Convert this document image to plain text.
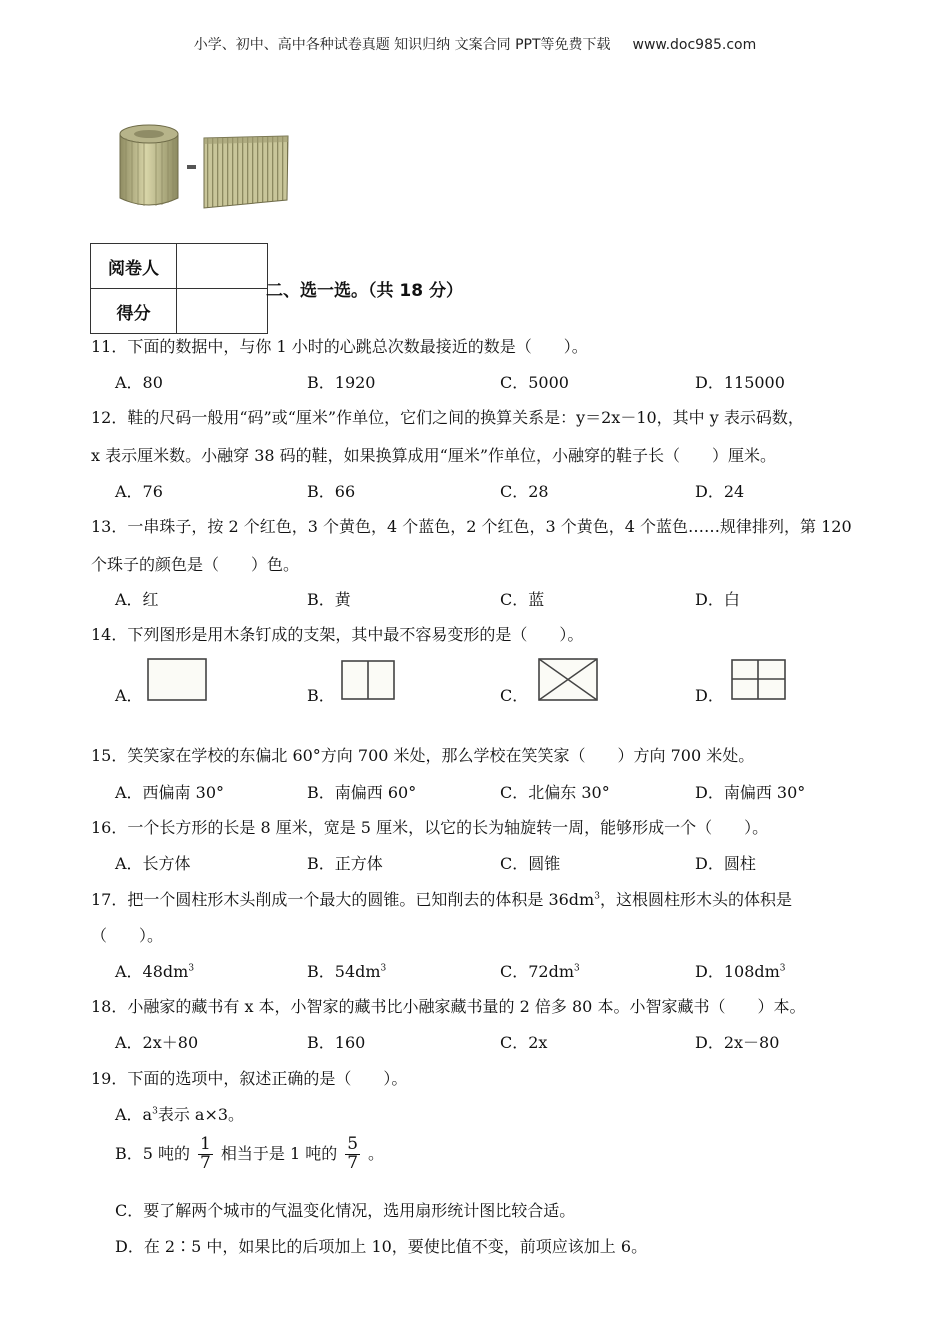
小学、初中、高中各种试卷真题 知识归纳 文案合同 PPT等免费下载 www.doc985.com
阅卷人	
得分	
二、选一选。（共 18 分）
11．下面的数据中，与你 1 小时的心跳总次数最接近的数是（　　）。
A．80	B．1920	C．5000	D．115000
12．鞋的尺码一般用“码”或“厘米”作单位，它们之间的换算关系是：y＝2x－10，其中 y 表示码数，
x 表示厘米数。小融穿 38 码的鞋，如果换算成用“厘米”作单位，小融穿的鞋子长（　　）厘米。
A．76	B．66	C．28	D．24
13．一串珠子，按 2 个红色，3 个黄色，4 个蓝色，2 个红色，3 个黄色，4 个蓝色……规律排列，第 120
个珠子的颜色是（　　）色。
A．红	B．黄	C．蓝	D．白
14．下列图形是用木条钉成的支架，其中最不容易变形的是（　　）。
A．	B．	C．	D．
15．笑笑家在学校的东偏北 60°方向 700 米处，那么学校在笑笑家（　　）方向 700 米处。
A．西偏南 30°	B．南偏西 60°	C．北偏东 30°	D．南偏西 30°
16．一个长方形的长是 8 厘米，宽是 5 厘米，以它的长为轴旋转一周，能够形成一个（　　）。
A．长方体	B．正方体	C．圆锥	D．圆柱
17．把一个圆柱形木头削成一个最大的圆锥。已知削去的体积是 $36dm^3$，这根圆柱形木头的体积是
（　　）。
A．$48dm^3$	B．$54dm^3$	C．$72dm^3$	D．$108dm^3$
18．小融家的藏书有 x 本，小智家的藏书比小融家藏书量的 2 倍多 80 本。小智家藏书（　　）本。
A．2x＋80	B．160	C．2x	D．2x－80
19．下面的选项中，叙述正确的是（　　）。
A．$a^3$表示 a×3。
B．5 吨的 $\frac{1}{7}$ 相当于是 1 吨的 $\frac{5}{7}$ 。
C．要了解两个城市的气温变化情况，选用扇形统计图比较合适。
D．在 2∶5 中，如果比的后项加上 10，要使比值不变，前项应该加上 6。
